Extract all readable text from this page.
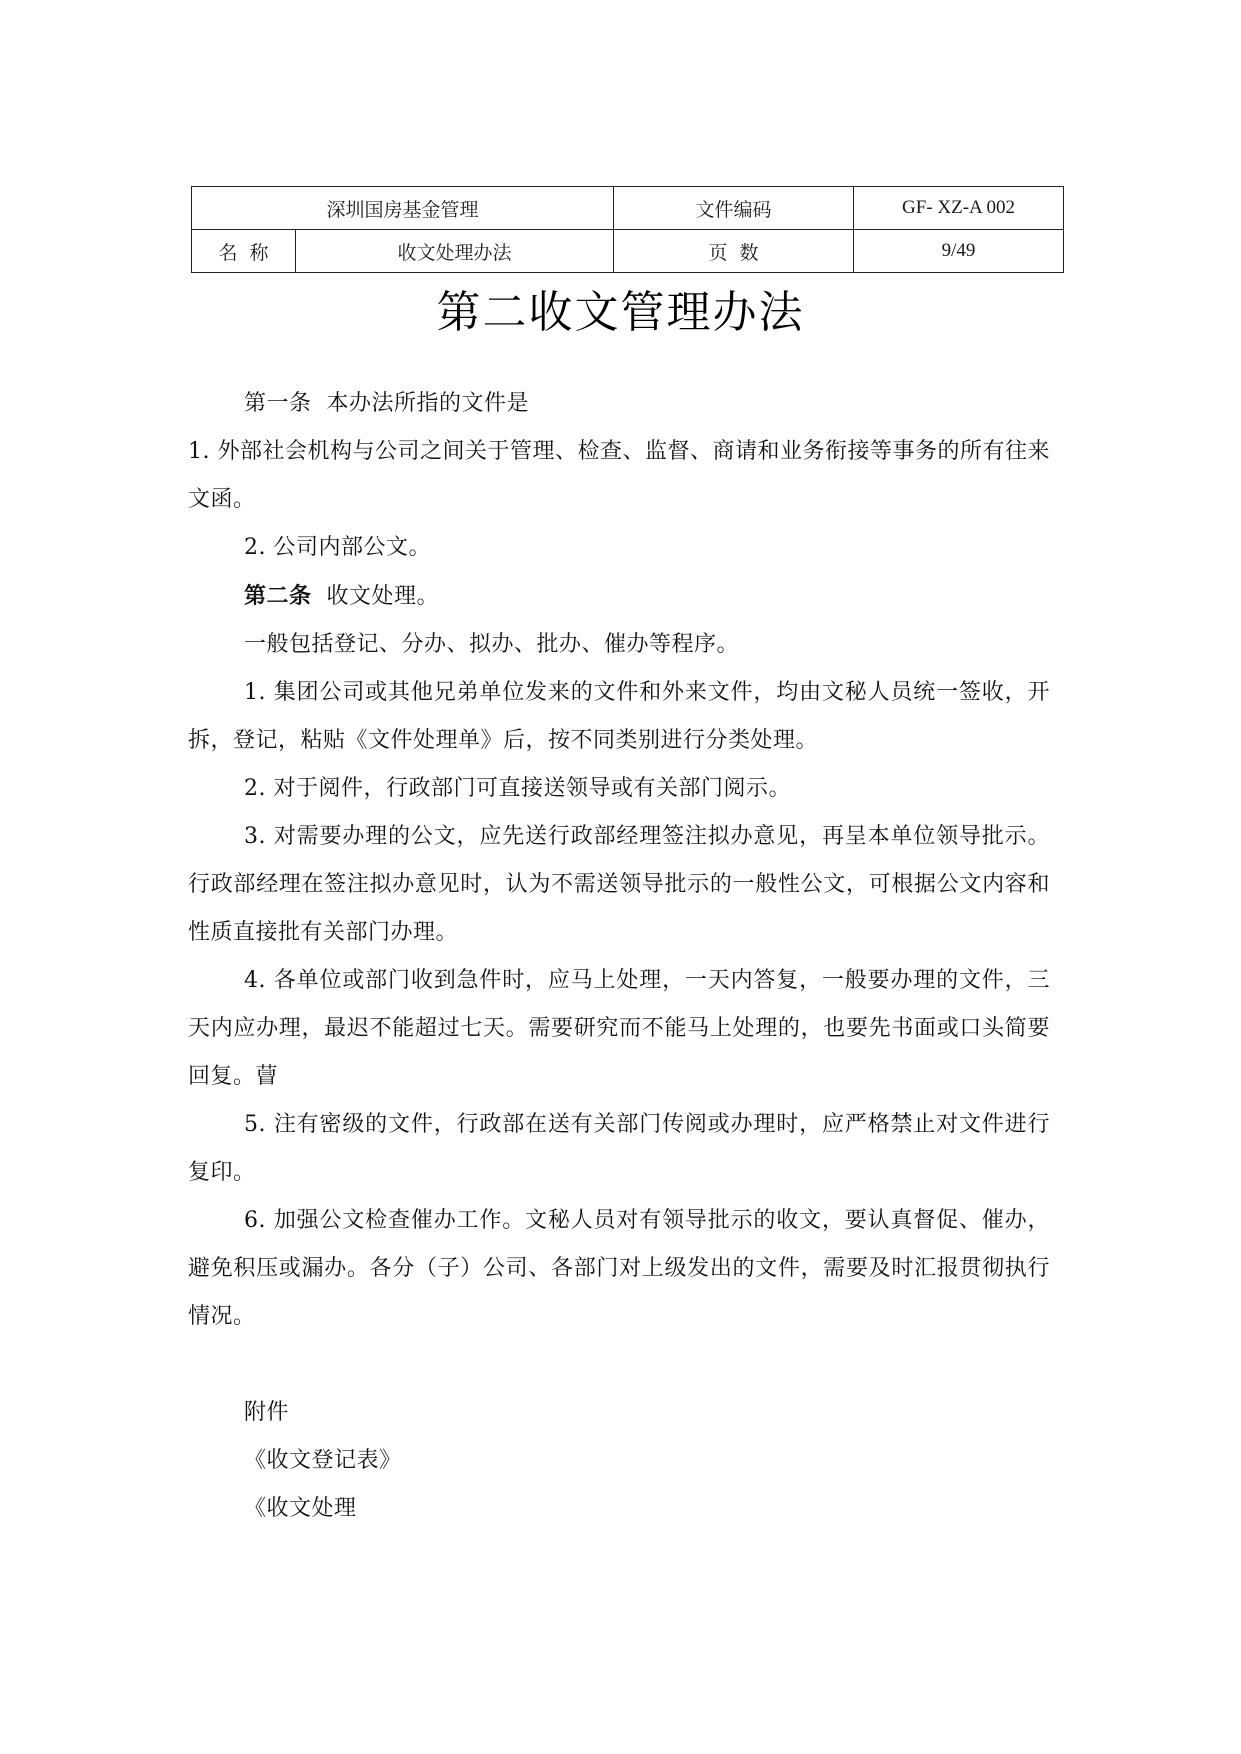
深圳国房基金管理		文件编码	GF- XZ-A 002
名  称	收文处理办法	页  数	9/49
第二收文管理办法

第一条  本办法所指的文件是

1. 外部社会机构与公司之间关于管理、检查、监督、商请和业务衔接等事务的所有往来文函。

2. 公司内部公文。

第二条  收文处理。

一般包括登记、分办、拟办、批办、催办等程序。

1. 集团公司或其他兄弟单位发来的文件和外来文件，均由文秘人员统一签收，开拆，登记，粘贴《文件处理单》后，按不同类别进行分类处理。

2. 对于阅件，行政部门可直接送领导或有关部门阅示。

3. 对需要办理的公文，应先送行政部经理签注拟办意见，再呈本单位领导批示。行政部经理在签注拟办意见时，认为不需送领导批示的一般性公文，可根据公文内容和性质直接批有关部门办理。

4. 各单位或部门收到急件时，应马上处理，一天内答复，一般要办理的文件，三天内应办理，最迟不能超过七天。需要研究而不能马上处理的，也要先书面或口头简要回复。萺

5. 注有密级的文件，行政部在送有关部门传阅或办理时，应严格禁止对文件进行复印。

6. 加强公文检查催办工作。文秘人员对有领导批示的收文，要认真督促、催办，避免积压或漏办。各分（子）公司、各部门对上级发出的文件，需要及时汇报贯彻执行情况。

附件

《收文登记表》

《收文处理
